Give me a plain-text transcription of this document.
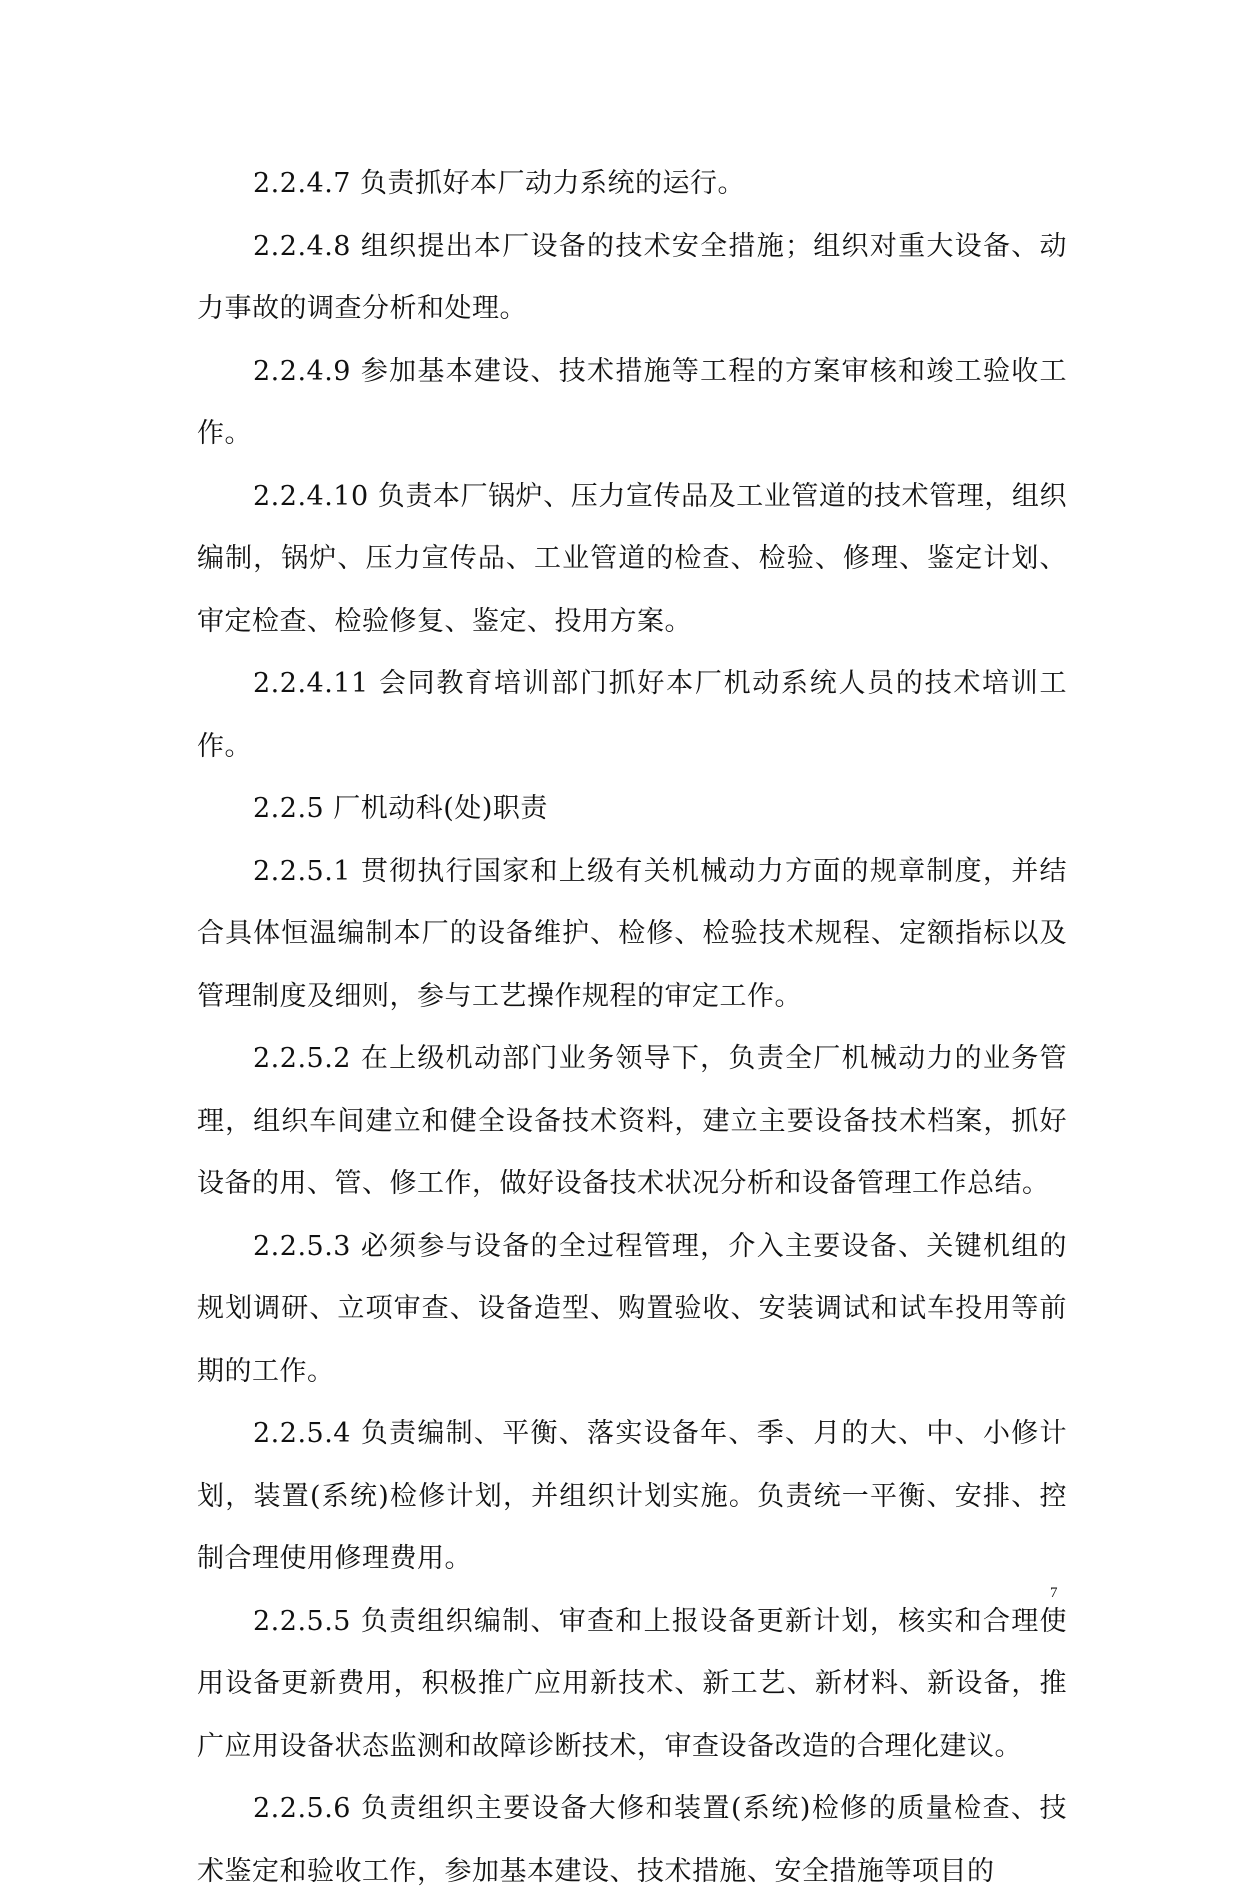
2.2.4.7 负责抓好本厂动力系统的运行。

2.2.4.8 组织提出本厂设备的技术安全措施；组织对重大设备、动力事故的调查分析和处理。

2.2.4.9 参加基本建设、技术措施等工程的方案审核和竣工验收工作。

2.2.4.10 负责本厂锅炉、压力宣传品及工业管道的技术管理，组织编制，锅炉、压力宣传品、工业管道的检查、检验、修理、鉴定计划、审定检查、检验修复、鉴定、投用方案。

2.2.4.11 会同教育培训部门抓好本厂机动系统人员的技术培训工作。

2.2.5 厂机动科(处)职责

2.2.5.1 贯彻执行国家和上级有关机械动力方面的规章制度，并结合具体恒温编制本厂的设备维护、检修、检验技术规程、定额指标以及管理制度及细则，参与工艺操作规程的审定工作。

2.2.5.2 在上级机动部门业务领导下，负责全厂机械动力的业务管理，组织车间建立和健全设备技术资料，建立主要设备技术档案，抓好设备的用、管、修工作，做好设备技术状况分析和设备管理工作总结。

2.2.5.3 必须参与设备的全过程管理，介入主要设备、关键机组的规划调研、立项审查、设备造型、购置验收、安装调试和试车投用等前期的工作。

2.2.5.4 负责编制、平衡、落实设备年、季、月的大、中、小修计划，装置(系统)检修计划，并组织计划实施。负责统一平衡、安排、控制合理使用修理费用。

2.2.5.5 负责组织编制、审查和上报设备更新计划，核实和合理使用设备更新费用，积极推广应用新技术、新工艺、新材料、新设备，推广应用设备状态监测和故障诊断技术，审查设备改造的合理化建议。

2.2.5.6 负责组织主要设备大修和装置(系统)检修的质量检查、技术鉴定和验收工作，参加基本建设、技术措施、安全措施等项目的

7
